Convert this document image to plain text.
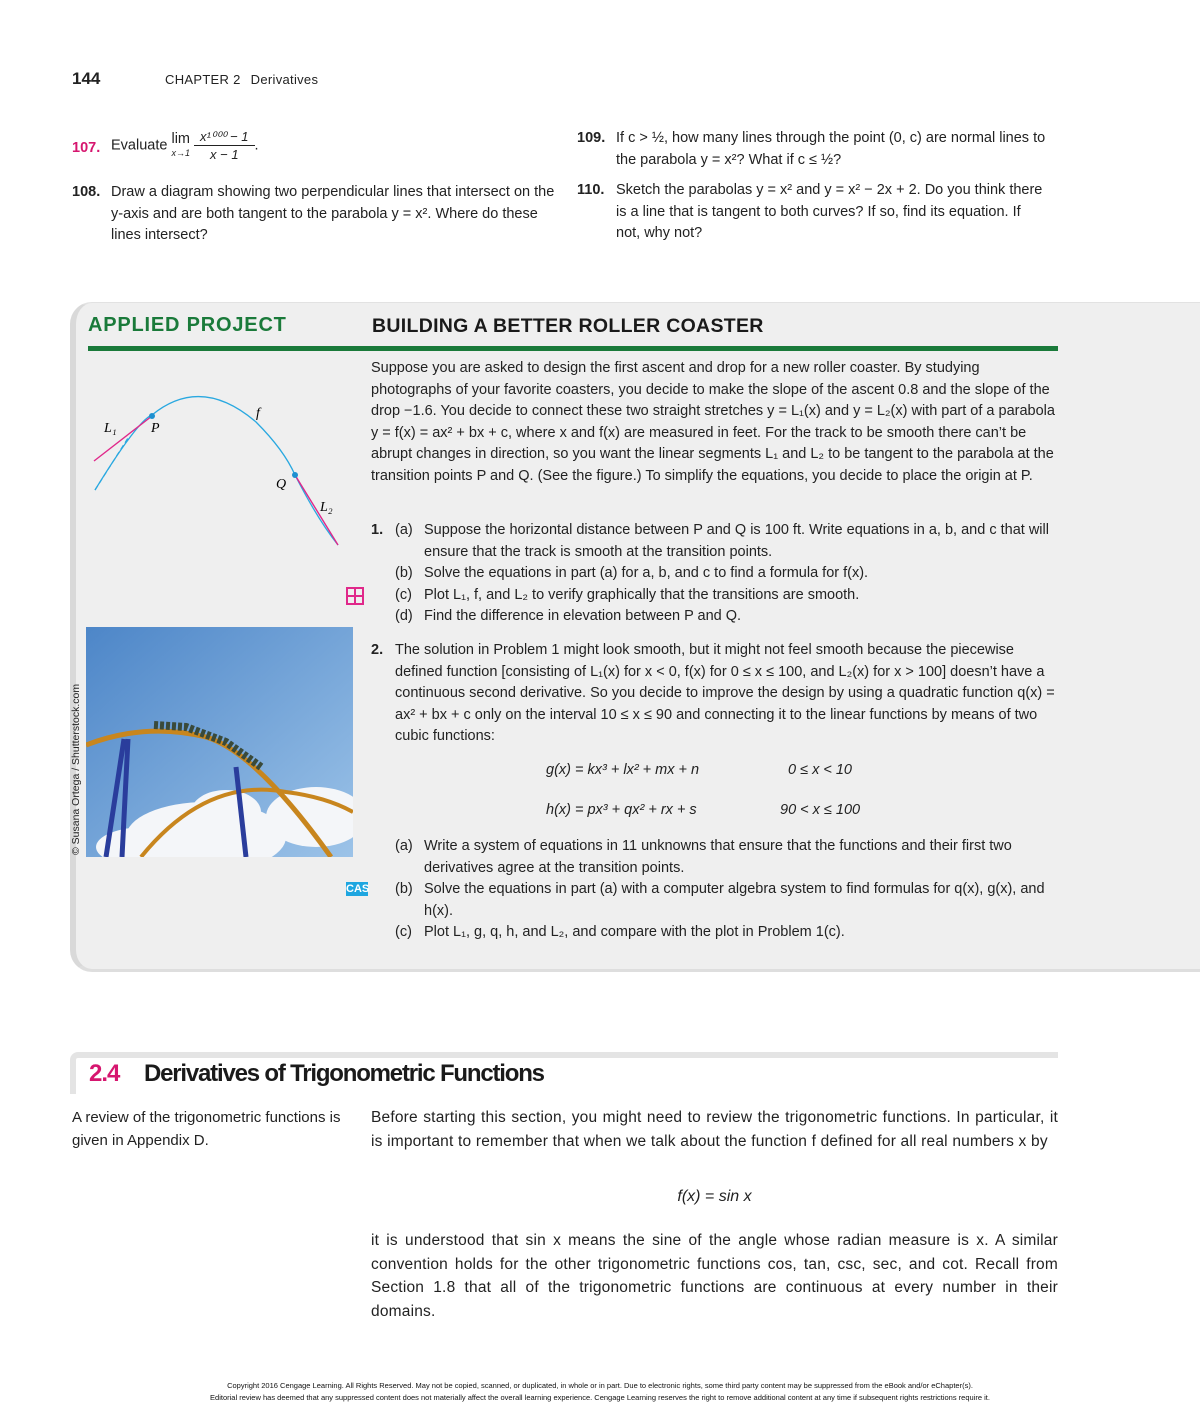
144	CHAPTER 2 Derivatives
107. Evaluate lim
x→1
$\frac{\text{x¹⁰⁰⁰ − 1}}{x - 1}$ .
108. Draw a diagram showing two perpendicular lines that intersect on the y-axis and are both tangent to the parabola y = x². Where do these lines intersect?
109. If c > ½, how many lines through the point (0, c) are normal lines to the parabola y = x²? What if c ≤ ½?
110. Sketch the parabolas y = x² and y = x² − 2x + 2. Do you think there is a line that is tangent to both curves? If so, find its equation. If not, why not?
APPLIED PROJECT	BUILDING A BETTER ROLLER COASTER
L₁ P
f
Q
L₂
© Susana Ortega / Shutterstock.com
CAS
Suppose you are asked to design the first ascent and drop for a new roller coaster. By studying photographs of your favorite coasters, you decide to make the slope of the ascent 0.8 and the slope of the drop −1.6. You decide to connect these two straight stretches y = L₁(x) and y = L₂(x) with part of a parabola y = f(x) = ax² + bx + c, where x and f(x) are measured in feet. For the track to be smooth there can’t be abrupt changes in direction, so you want the linear segments L₁ and L₂ to be tangent to the parabola at the transition points P and Q. (See the figure.) To simplify the equations, you decide to place the origin at P.
1. (a) Suppose the horizontal distance between P and Q is 100 ft. Write equations in a, b, and c that will ensure that the track is smooth at the transition points.
(b) Solve the equations in part (a) for a, b, and c to find a formula for f(x).
(c) Plot L₁, f, and L₂ to verify graphically that the transitions are smooth.
(d) Find the difference in elevation between P and Q.
2. The solution in Problem 1 might look smooth, but it might not feel smooth because the piecewise defined function [consisting of L₁(x) for x < 0, f(x) for 0 ≤ x ≤ 100, and L₂(x) for x > 100] doesn’t have a continuous second derivative. So you decide to improve the design by using a quadratic function q(x) = ax² + bx + c only on the interval 10 ≤ x ≤ 90 and connecting it to the linear functions by means of two cubic functions:
g(x) = kx³ + lx² + mx + n	0 ≤ x < 10
h(x) = px³ + qx² + rx + s	90 < x ≤ 100
(a) Write a system of equations in 11 unknowns that ensure that the functions and their first two derivatives agree at the transition points.
(b) Solve the equations in part (a) with a computer algebra system to find formulas for q(x), g(x), and h(x).
(c) Plot L₁, g, q, h, and L₂, and compare with the plot in Problem 1(c).
2.4 Derivatives of Trigonometric Functions
A review of the trigonometric functions is given in Appendix D.
Before starting this section, you might need to review the trigonometric functions. In particular, it is important to remember that when we talk about the function f defined for all real numbers x by
f(x) = sin x
it is understood that sin x means the sine of the angle whose radian measure is x. A similar convention holds for the other trigonometric functions cos, tan, csc, sec, and cot. Recall from Section 1.8 that all of the trigonometric functions are continuous at every number in their domains.
Copyright 2016 Cengage Learning. All Rights Reserved. May not be copied, scanned, or duplicated, in whole or in part. Due to electronic rights, some third party content may be suppressed from the eBook and/or eChapter(s).
Editorial review has deemed that any suppressed content does not materially affect the overall learning experience. Cengage Learning reserves the right to remove additional content at any time if subsequent rights restrictions require it.
